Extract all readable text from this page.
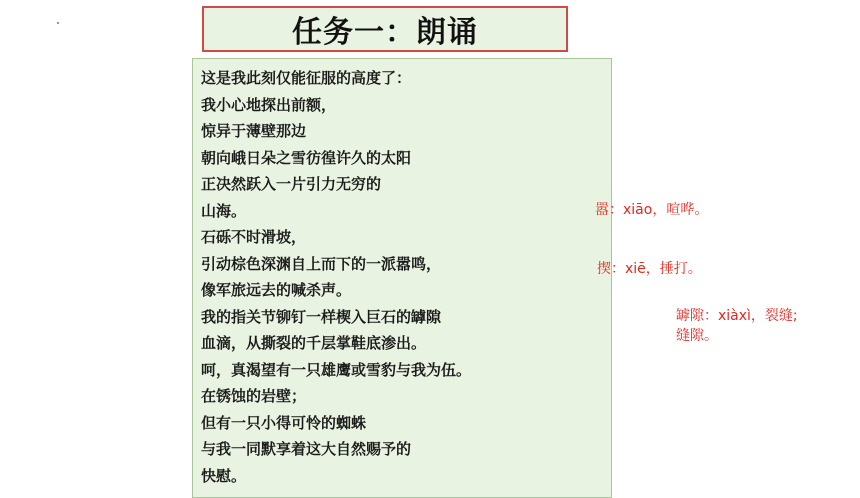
任务一：朗诵
这是我此刻仅能征服的高度了：
我小心地探出前额，
惊异于薄壁那边
朝向峨日朵之雪彷徨许久的太阳
正决然跃入一片引力无穷的
山海。
石砾不时滑坡，
引动棕色深渊自上而下的一派嚣鸣，
像军旅远去的喊杀声。
我的指关节铆钉一样楔入巨石的罅隙
血滴，从撕裂的千层掌鞋底渗出。
呵，真渴望有一只雄鹰或雪豹与我为伍。
在锈蚀的岩壁；
但有一只小得可怜的蜘蛛
与我一同默享着这大自然赐予的
快慰。
嚣：xiāo，喧哗。
揳：xiē，捶打。
罅隙：xiàxì，裂缝;
缝隙。
